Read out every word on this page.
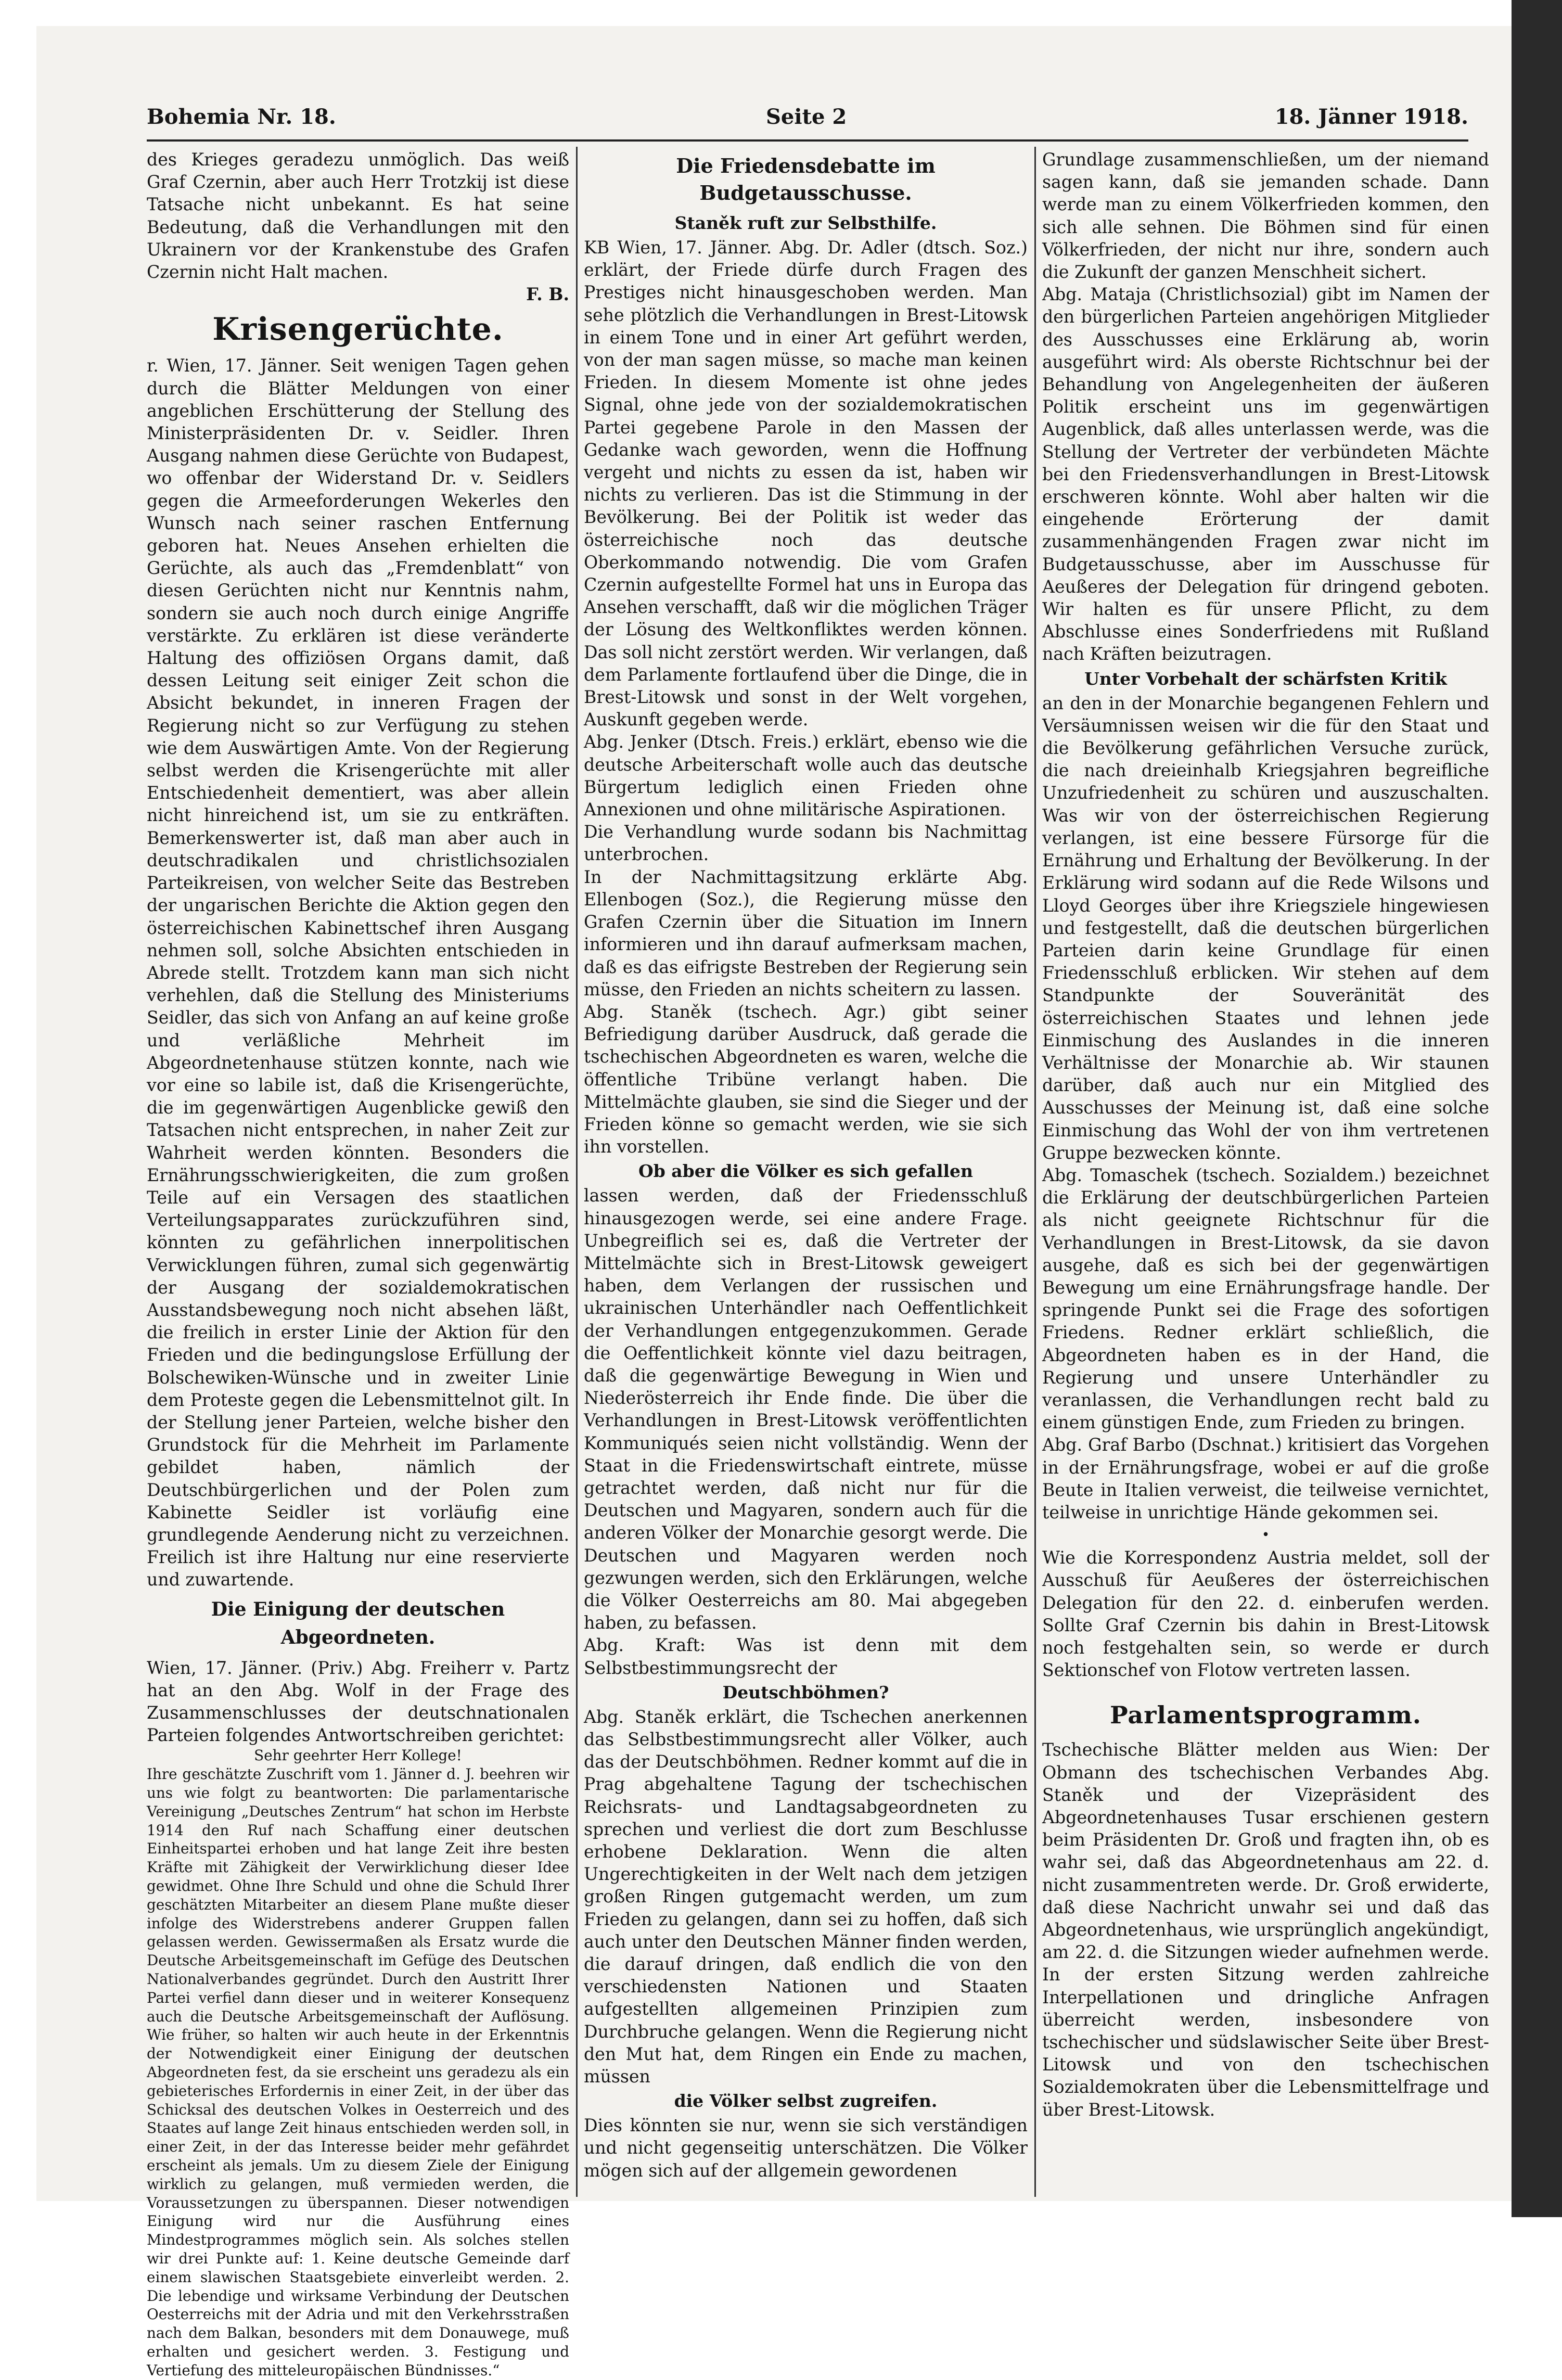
Bohemia Nr. 18.	Seite 2	18. Jänner 1918.

des Krieges geradezu unmöglich. Das weiß Graf Czernin, aber auch Herr Trotzkij ist diese Tatsache nicht unbekannt. Es hat seine Bedeutung, daß die Verhandlungen mit den Ukrainern vor der Krankenstube des Grafen Czernin nicht Halt machen.

F. B.

Krisengerüchte.

r. Wien, 17. Jänner. Seit wenigen Tagen gehen durch die Blätter Meldungen von einer angeblichen Erschütterung der Stellung des Ministerpräsidenten Dr. v. Seidler. Ihren Ausgang nahmen diese Gerüchte von Budapest, wo offenbar der Widerstand Dr. v. Seidlers gegen die Armeeforderungen Wekerles den Wunsch nach seiner raschen Entfernung geboren hat. Neues Ansehen erhielten die Gerüchte, als auch das „Fremdenblatt“ von diesen Gerüchten nicht nur Kenntnis nahm, sondern sie auch noch durch einige Angriffe verstärkte. Zu erklären ist diese veränderte Haltung des offiziösen Organs damit, daß dessen Leitung seit einiger Zeit schon die Absicht bekundet, in inneren Fragen der Regierung nicht so zur Verfügung zu stehen wie dem Auswärtigen Amte. Von der Regierung selbst werden die Krisengerüchte mit aller Entschiedenheit dementiert, was aber allein nicht hinreichend ist, um sie zu entkräften. Bemerkenswerter ist, daß man aber auch in deutschradikalen und christlichsozialen Parteikreisen, von welcher Seite das Bestreben der ungarischen Berichte die Aktion gegen den österreichischen Kabinettschef ihren Ausgang nehmen soll, solche Absichten entschieden in Abrede stellt. Trotzdem kann man sich nicht verhehlen, daß die Stellung des Ministeriums Seidler, das sich von Anfang an auf keine große und verläßliche Mehrheit im Abgeordnetenhause stützen konnte, nach wie vor eine so labile ist, daß die Krisengerüchte, die im gegenwärtigen Augenblicke gewiß den Tatsachen nicht entsprechen, in naher Zeit zur Wahrheit werden könnten. Besonders die Ernährungsschwierigkeiten, die zum großen Teile auf ein Versagen des staatlichen Verteilungsapparates zurückzuführen sind, könnten zu gefährlichen innerpolitischen Verwicklungen führen, zumal sich gegenwärtig der Ausgang der sozialdemokratischen Ausstandsbewegung noch nicht absehen läßt, die freilich in erster Linie der Aktion für den Frieden und die bedingungslose Erfüllung der Bolschewiken-Wünsche und in zweiter Linie dem Proteste gegen die Lebensmittelnot gilt. In der Stellung jener Parteien, welche bisher den Grundstock für die Mehrheit im Parlamente gebildet haben, nämlich der Deutschbürgerlichen und der Polen zum Kabinette Seidler ist vorläufig eine grundlegende Aenderung nicht zu verzeichnen. Freilich ist ihre Haltung nur eine reservierte und zuwartende.

Die Einigung der deutschen Abgeordneten.

Wien, 17. Jänner. (Priv.) Abg. Freiherr v. Partz hat an den Abg. Wolf in der Frage des Zusammenschlusses der deutschnationalen Parteien folgendes Antwortschreiben gerichtet:

Sehr geehrter Herr Kollege!

Ihre geschätzte Zuschrift vom 1. Jänner d. J. beehren wir uns wie folgt zu beantworten: Die parlamentarische Vereinigung „Deutsches Zentrum“ hat schon im Herbste 1914 den Ruf nach Schaffung einer deutschen Einheitspartei erhoben und hat lange Zeit ihre besten Kräfte mit Zähigkeit der Verwirklichung dieser Idee gewidmet. Ohne Ihre Schuld und ohne die Schuld Ihrer geschätzten Mitarbeiter an diesem Plane mußte dieser infolge des Widerstrebens anderer Gruppen fallen gelassen werden. Gewissermaßen als Ersatz wurde die Deutsche Arbeitsgemeinschaft im Gefüge des Deutschen Nationalverbandes gegründet. Durch den Austritt Ihrer Partei verfiel dann dieser und in weiterer Konsequenz auch die Deutsche Arbeitsgemeinschaft der Auflösung. Wie früher, so halten wir auch heute in der Erkenntnis der Notwendigkeit einer Einigung der deutschen Abgeordneten fest, da sie erscheint uns geradezu als ein gebieterisches Erfordernis in einer Zeit, in der über das Schicksal des deutschen Volkes in Oesterreich und des Staates auf lange Zeit hinaus entschieden werden soll, in einer Zeit, in der das Interesse beider mehr gefährdet erscheint als jemals. Um zu diesem Ziele der Einigung wirklich zu gelangen, muß vermieden werden, die Voraussetzungen zu überspannen. Dieser notwendigen Einigung wird nur die Ausführung eines Mindestprogrammes möglich sein. Als solches stellen wir drei Punkte auf: 1. Keine deutsche Gemeinde darf einem slawischen Staatsgebiete einverleibt werden. 2. Die lebendige und wirksame Verbindung der Deutschen Oesterreichs mit der Adria und mit den Verkehrsstraßen nach dem Balkan, besonders mit dem Donauwege, muß erhalten und gesichert werden. 3. Festigung und Vertiefung des mitteleuropäischen Bündnisses.“

Die Friedensdebatte im Budgetausschusse.
Staněk ruft zur Selbsthilfe.

KB Wien, 17. Jänner. Abg. Dr. Adler (dtsch. Soz.) erklärt, der Friede dürfe durch Fragen des Prestiges nicht hinausgeschoben werden. Man sehe plötzlich die Verhandlungen in Brest-Litowsk in einem Tone und in einer Art geführt werden, von der man sagen müsse, so mache man keinen Frieden. In diesem Momente ist ohne jedes Signal, ohne jede von der sozialdemokratischen Partei gegebene Parole in den Massen der Gedanke wach geworden, wenn die Hoffnung vergeht und nichts zu essen da ist, haben wir nichts zu verlieren. Das ist die Stimmung in der Bevölkerung. Bei der Politik ist weder das österreichische noch das deutsche Oberkommando notwendig. Die vom Grafen Czernin aufgestellte Formel hat uns in Europa das Ansehen verschafft, daß wir die möglichen Träger der Lösung des Weltkonfliktes werden können. Das soll nicht zerstört werden. Wir verlangen, daß dem Parlamente fortlaufend über die Dinge, die in Brest-Litowsk und sonst in der Welt vorgehen, Auskunft gegeben werde.

Abg. Jenker (Dtsch. Freis.) erklärt, ebenso wie die deutsche Arbeiterschaft wolle auch das deutsche Bürgertum lediglich einen Frieden ohne Annexionen und ohne militärische Aspirationen.

Die Verhandlung wurde sodann bis Nachmittag unterbrochen.

In der Nachmittagsitzung erklärte Abg. Ellenbogen (Soz.), die Regierung müsse den Grafen Czernin über die Situation im Innern informieren und ihn darauf aufmerksam machen, daß es das eifrigste Bestreben der Regierung sein müsse, den Frieden an nichts scheitern zu lassen.

Abg. Staněk (tschech. Agr.) gibt seiner Befriedigung darüber Ausdruck, daß gerade die tschechischen Abgeordneten es waren, welche die öffentliche Tribüne verlangt haben. Die Mittelmächte glauben, sie sind die Sieger und der Frieden könne so gemacht werden, wie sie sich ihn vorstellen.

Ob aber die Völker es sich gefallen

lassen werden, daß der Friedensschluß hinausgezogen werde, sei eine andere Frage. Unbegreiflich sei es, daß die Vertreter der Mittelmächte sich in Brest-Litowsk geweigert haben, dem Verlangen der russischen und ukrainischen Unterhändler nach Oeffentlichkeit der Verhandlungen entgegenzukommen. Gerade die Oeffentlichkeit könnte viel dazu beitragen, daß die gegenwärtige Bewegung in Wien und Niederösterreich ihr Ende finde. Die über die Verhandlungen in Brest-Litowsk veröffentlichten Kommuniqués seien nicht vollständig. Wenn der Staat in die Friedenswirtschaft eintrete, müsse getrachtet werden, daß nicht nur für die Deutschen und Magyaren, sondern auch für die anderen Völker der Monarchie gesorgt werde. Die Deutschen und Magyaren werden noch gezwungen werden, sich den Erklärungen, welche die Völker Oesterreichs am 80. Mai abgegeben haben, zu befassen.

Abg. Kraft: Was ist denn mit dem Selbstbestimmungsrecht der

Deutschböhmen?

Abg. Staněk erklärt, die Tschechen anerkennen das Selbstbestimmungsrecht aller Völker, auch das der Deutschböhmen. Redner kommt auf die in Prag abgehaltene Tagung der tschechischen Reichsrats- und Landtagsabgeordneten zu sprechen und verliest die dort zum Beschlusse erhobene Deklaration. Wenn die alten Ungerechtigkeiten in der Welt nach dem jetzigen großen Ringen gutgemacht werden, um zum Frieden zu gelangen, dann sei zu hoffen, daß sich auch unter den Deutschen Männer finden werden, die darauf dringen, daß endlich die von den verschiedensten Nationen und Staaten aufgestellten allgemeinen Prinzipien zum Durchbruche gelangen. Wenn die Regierung nicht den Mut hat, dem Ringen ein Ende zu machen, müssen

die Völker selbst zugreifen.

Dies könnten sie nur, wenn sie sich verständigen und nicht gegenseitig unterschätzen. Die Völker mögen sich auf der allgemein gewordenen

Grundlage zusammenschließen, um der niemand sagen kann, daß sie jemanden schade. Dann werde man zu einem Völkerfrieden kommen, den sich alle sehnen. Die Böhmen sind für einen Völkerfrieden, der nicht nur ihre, sondern auch die Zukunft der ganzen Menschheit sichert.

Abg. Mataja (Christlichsozial) gibt im Namen der den bürgerlichen Parteien angehörigen Mitglieder des Ausschusses eine Erklärung ab, worin ausgeführt wird: Als oberste Richtschnur bei der Behandlung von Angelegenheiten der äußeren Politik erscheint uns im gegenwärtigen Augenblick, daß alles unterlassen werde, was die Stellung der Vertreter der verbündeten Mächte bei den Friedensverhandlungen in Brest-Litowsk erschweren könnte. Wohl aber halten wir die eingehende Erörterung der damit zusammenhängenden Fragen zwar nicht im Budgetausschusse, aber im Ausschusse für Aeußeres der Delegation für dringend geboten. Wir halten es für unsere Pflicht, zu dem Abschlusse eines Sonderfriedens mit Rußland nach Kräften beizutragen.

Unter Vorbehalt der schärfsten Kritik

an den in der Monarchie begangenen Fehlern und Versäumnissen weisen wir die für den Staat und die Bevölkerung gefährlichen Versuche zurück, die nach dreieinhalb Kriegsjahren begreifliche Unzufriedenheit zu schüren und auszuschalten. Was wir von der österreichischen Regierung verlangen, ist eine bessere Fürsorge für die Ernährung und Erhaltung der Bevölkerung. In der Erklärung wird sodann auf die Rede Wilsons und Lloyd Georges über ihre Kriegsziele hingewiesen und festgestellt, daß die deutschen bürgerlichen Parteien darin keine Grundlage für einen Friedensschluß erblicken. Wir stehen auf dem Standpunkte der Souveränität des österreichischen Staates und lehnen jede Einmischung des Auslandes in die inneren Verhältnisse der Monarchie ab. Wir staunen darüber, daß auch nur ein Mitglied des Ausschusses der Meinung ist, daß eine solche Einmischung das Wohl der von ihm vertretenen Gruppe bezwecken könnte.

Abg. Tomaschek (tschech. Sozialdem.) bezeichnet die Erklärung der deutschbürgerlichen Parteien als nicht geeignete Richtschnur für die Verhandlungen in Brest-Litowsk, da sie davon ausgehe, daß es sich bei der gegenwärtigen Bewegung um eine Ernährungsfrage handle. Der springende Punkt sei die Frage des sofortigen Friedens. Redner erklärt schließlich, die Abgeordneten haben es in der Hand, die Regierung und unsere Unterhändler zu veranlassen, die Verhandlungen recht bald zu einem günstigen Ende, zum Frieden zu bringen.

Abg. Graf Barbo (Dschnat.) kritisiert das Vorgehen in der Ernährungsfrage, wobei er auf die große Beute in Italien verweist, die teilweise vernichtet, teilweise in unrichtige Hände gekommen sei.

•

Wie die Korrespondenz Austria meldet, soll der Ausschuß für Aeußeres der österreichischen Delegation für den 22. d. einberufen werden. Sollte Graf Czernin bis dahin in Brest-Litowsk noch festgehalten sein, so werde er durch Sektionschef von Flotow vertreten lassen.

Parlamentsprogramm.

Tschechische Blätter melden aus Wien: Der Obmann des tschechischen Verbandes Abg. Staněk und der Vizepräsident des Abgeordnetenhauses Tusar erschienen gestern beim Präsidenten Dr. Groß und fragten ihn, ob es wahr sei, daß das Abgeordnetenhaus am 22. d. nicht zusammentreten werde. Dr. Groß erwiderte, daß diese Nachricht unwahr sei und daß das Abgeordnetenhaus, wie ursprünglich angekündigt, am 22. d. die Sitzungen wieder aufnehmen werde. In der ersten Sitzung werden zahlreiche Interpellationen und dringliche Anfragen überreicht werden, insbesondere von tschechischer und südslawischer Seite über Brest-Litowsk und von den tschechischen Sozialdemokraten über die Lebensmittelfrage und über Brest-Litowsk.
